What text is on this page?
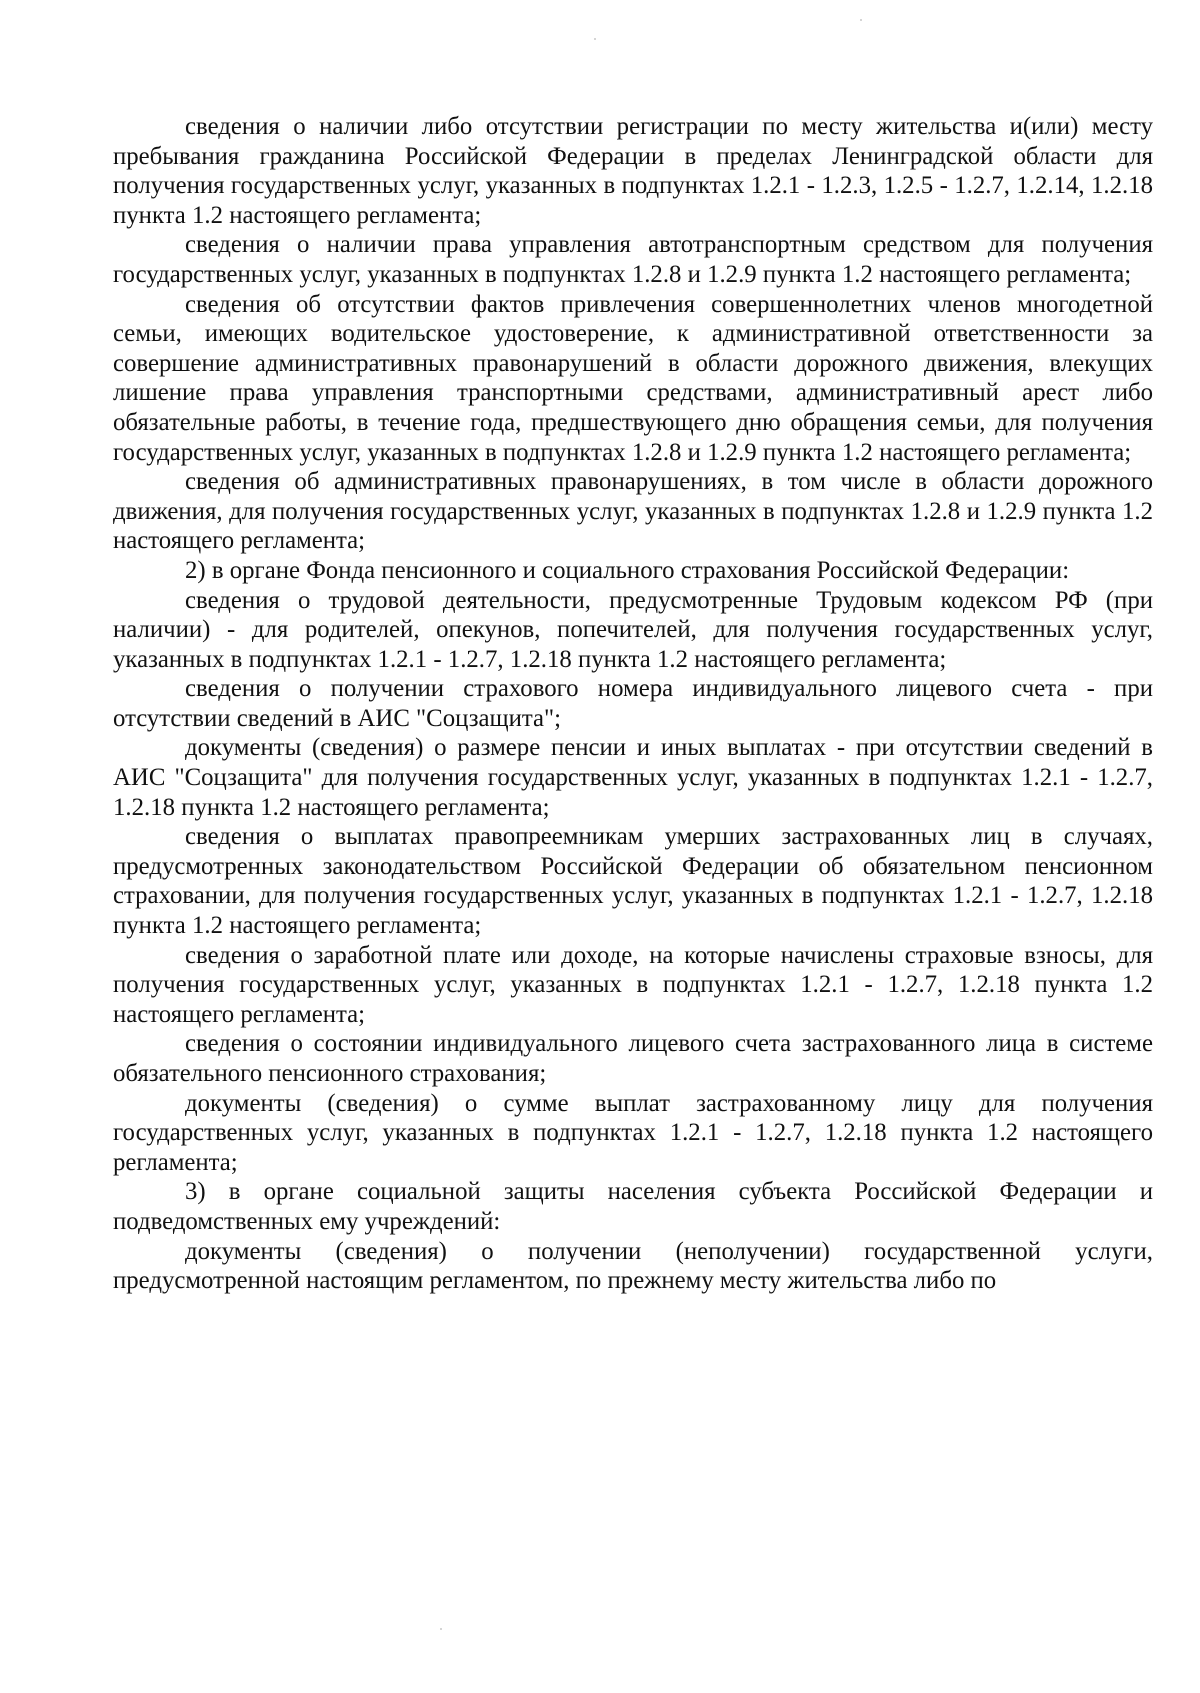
сведения о наличии либо отсутствии регистрации по месту жительства и(или) месту пребывания гражданина Российской Федерации в пределах Ленинградской области для получения государственных услуг, указанных в подпунктах 1.2.1 - 1.2.3, 1.2.5 - 1.2.7, 1.2.14, 1.2.18 пункта 1.2 настоящего регламента;

сведения о наличии права управления автотранспортным средством для получения государственных услуг, указанных в подпунктах 1.2.8 и 1.2.9 пункта 1.2 настоящего регламента;

сведения об отсутствии фактов привлечения совершеннолетних членов многодетной семьи, имеющих водительское удостоверение, к административной ответственности за совершение административных правонарушений в области дорожного движения, влекущих лишение права управления транспортными средствами, административный арест либо обязательные работы, в течение года, предшествующего дню обращения семьи, для получения государственных услуг, указанных в подпунктах 1.2.8 и 1.2.9 пункта 1.2 настоящего регламента;

сведения об административных правонарушениях, в том числе в области дорожного движения, для получения государственных услуг, указанных в подпунктах 1.2.8 и 1.2.9 пункта 1.2 настоящего регламента;

2) в органе Фонда пенсионного и социального страхования Российской Федерации:

сведения о трудовой деятельности, предусмотренные Трудовым кодексом РФ (при наличии) - для родителей, опекунов, попечителей, для получения государственных услуг, указанных в подпунктах 1.2.1 - 1.2.7, 1.2.18 пункта 1.2 настоящего регламента;

сведения о получении страхового номера индивидуального лицевого счета - при отсутствии сведений в АИС "Соцзащита";

документы (сведения) о размере пенсии и иных выплатах - при отсутствии сведений в АИС "Соцзащита" для получения государственных услуг, указанных в подпунктах 1.2.1 - 1.2.7, 1.2.18 пункта 1.2 настоящего регламента;

сведения о выплатах правопреемникам умерших застрахованных лиц в случаях, предусмотренных законодательством Российской Федерации об обязательном пенсионном страховании, для получения государственных услуг, указанных в подпунктах 1.2.1 - 1.2.7, 1.2.18 пункта 1.2 настоящего регламента;

сведения о заработной плате или доходе, на которые начислены страховые взносы, для получения государственных услуг, указанных в подпунктах 1.2.1 - 1.2.7, 1.2.18 пункта 1.2 настоящего регламента;

сведения о состоянии индивидуального лицевого счета застрахованного лица в системе обязательного пенсионного страхования;

документы (сведения) о сумме выплат застрахованному лицу для получения государственных услуг, указанных в подпунктах 1.2.1 - 1.2.7, 1.2.18 пункта 1.2 настоящего регламента;

3) в органе социальной защиты населения субъекта Российской Федерации и подведомственных ему учреждений:

документы (сведения) о получении (неполучении) государственной услуги, предусмотренной настоящим регламентом, по прежнему месту жительства либо по
